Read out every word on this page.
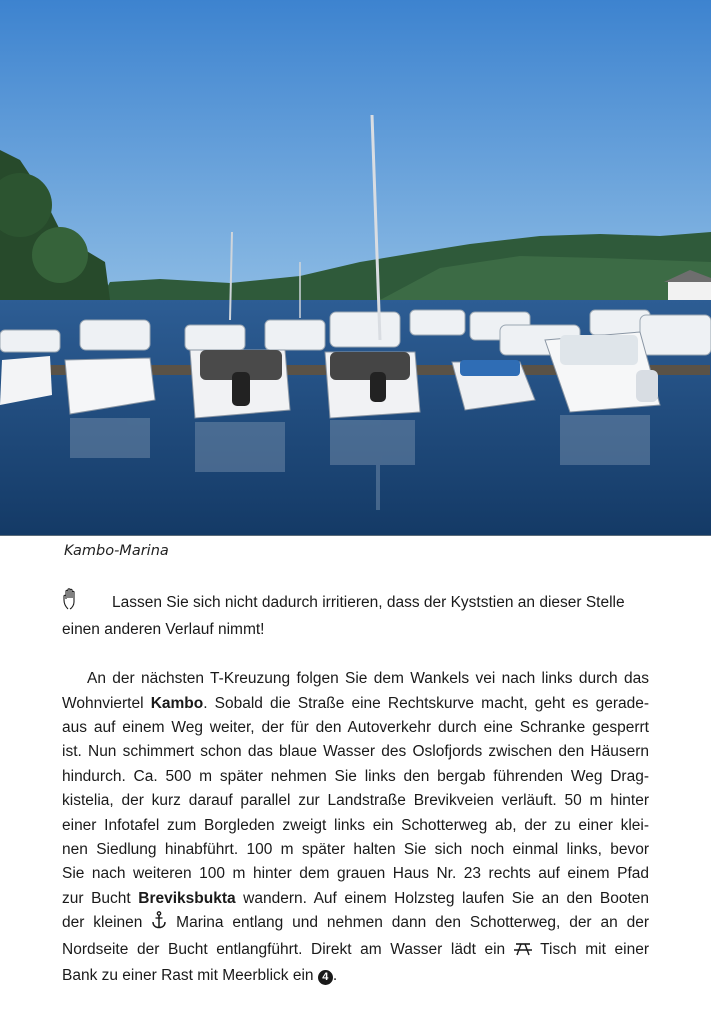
Kambo-Marina
Lassen Sie sich nicht dadurch irritieren, dass der Kyststien an dieser Stelle
einen anderen Verlauf nimmt!
An der nächsten T-Kreuzung folgen Sie dem Wankels vei nach links durch das
Wohnviertel Kambo. Sobald die Straße eine Rechtskurve macht, geht es gerade-
aus auf einem Weg weiter, der für den Autoverkehr durch eine Schranke gesperrt
ist. Nun schimmert schon das blaue Wasser des Oslofjords zwischen den Häusern
hindurch. Ca. 500 m später nehmen Sie links den bergab führenden Weg Drag-
kistelia, der kurz darauf parallel zur Landstraße Brevikveien verläuft. 50 m hinter
einer Infotafel zum Borgleden zweigt links ein Schotterweg ab, der zu einer klei-
nen Siedlung hinabführt. 100 m später halten Sie sich noch einmal links, bevor
Sie nach weiteren 100 m hinter dem grauen Haus Nr. 23 rechts auf einem Pfad
zur Bucht Breviksbukta wandern. Auf einem Holzsteg laufen Sie an den Booten
der kleinen  Marina entlang und nehmen dann den Schotterweg, der an der
Nordseite der Bucht entlangführt. Direkt am Wasser lädt ein  Tisch mit einer
Bank zu einer Rast mit Meerblick ein 4 .
